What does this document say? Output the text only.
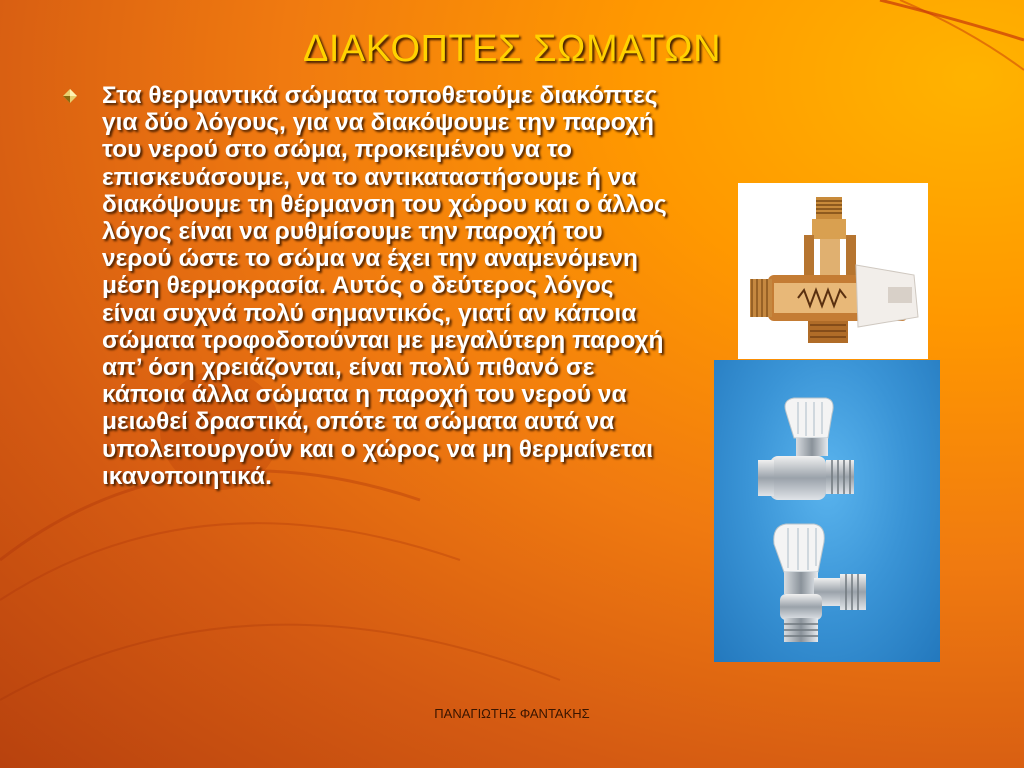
ΔΙΑΚΟΠΤΕΣ ΣΩΜΑΤΩΝ

Στα θερμαντικά σώματα τοποθετούμε διακόπτες για δύο λόγους, για να διακόψουμε την παροχή του νερού στο σώμα, προκειμένου να το επισκευάσουμε, να το αντικαταστήσουμε ή να διακόψουμε τη θέρμανση του χώρου και ο άλλος λόγος είναι να ρυθμίσουμε την παροχή του νερού ώστε το σώμα να έχει την αναμενόμενη μέση θερμοκρασία. Αυτός ο δεύτερος λόγος είναι συχνά πολύ σημαντικός, γιατί αν κάποια σώματα τροφοδοτούνται με μεγαλύτερη παροχή απ’ όση χρειάζονται, είναι πολύ πιθανό σε κάποια άλλα σώματα η παροχή του νερού να μειωθεί δραστικά, οπότε τα σώματα αυτά να υπολειτουργούν και ο χώρος να μη θερμαίνεται ικανοποιητικά.

ΠΑΝΑΓΙΩΤΗΣ ΦΑΝΤΑΚΗΣ
